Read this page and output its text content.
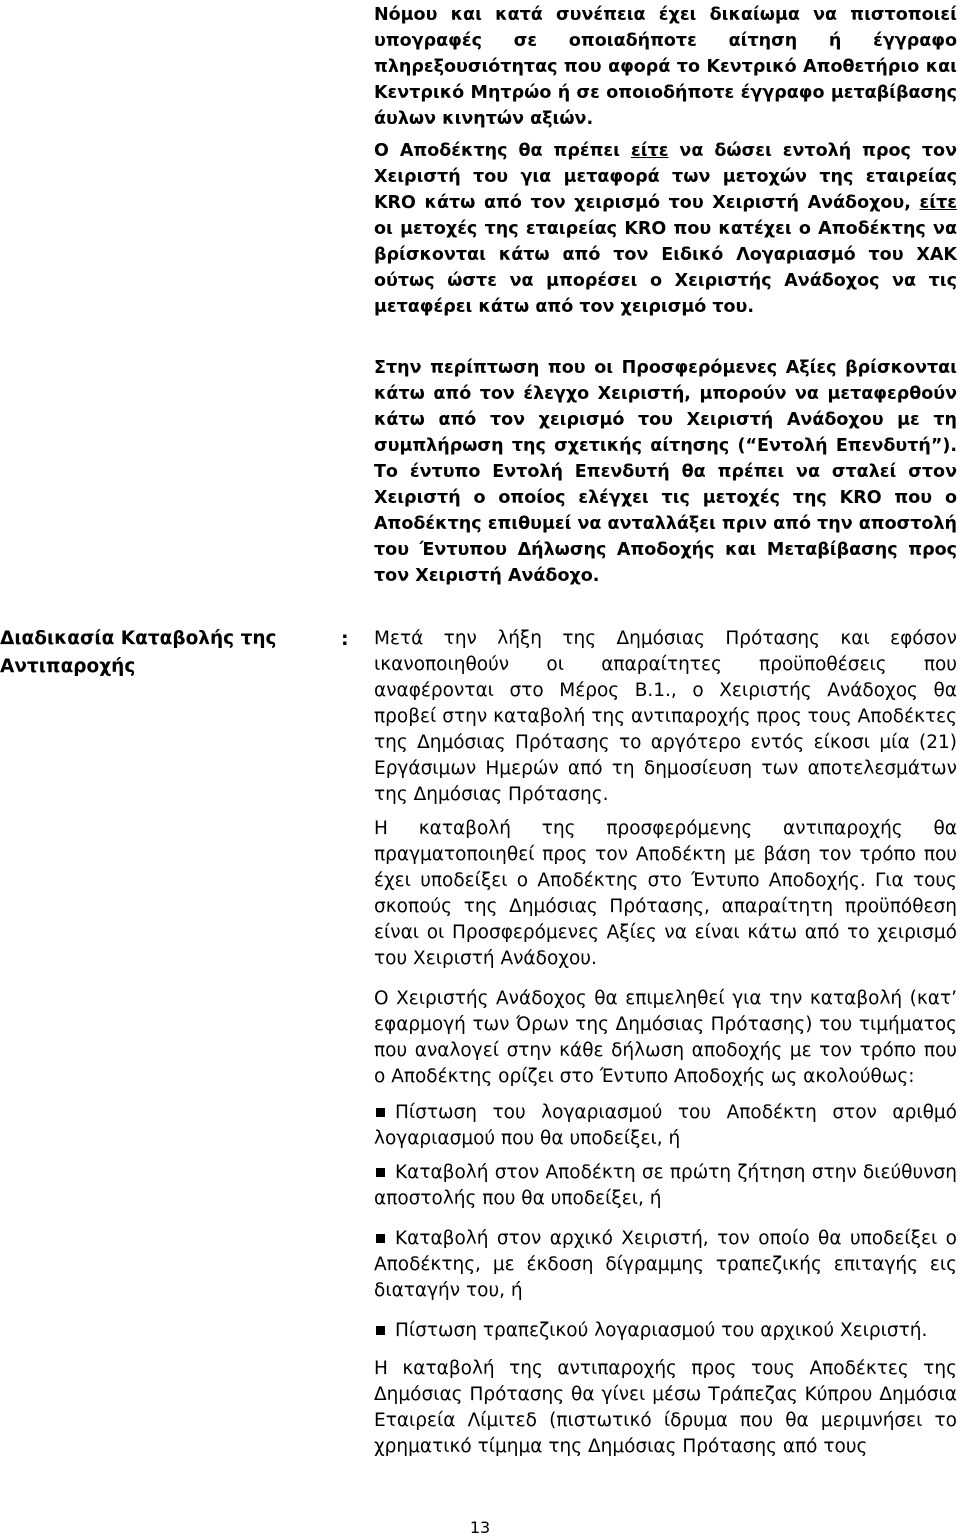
Νόμου και κατά συνέπεια έχει δικαίωμα να πιστοποιεί υπογραφές σε οποιαδήποτε αίτηση ή έγγραφο πληρεξουσιότητας που αφορά το Κεντρικό Αποθετήριο και Κεντρικό Μητρώο ή σε οποιοδήποτε έγγραφο μεταβίβασης άυλων κινητών αξιών.

Ο Αποδέκτης θα πρέπει είτε να δώσει εντολή προς τον Χειριστή του για μεταφορά των μετοχών της εταιρείας KRO κάτω από τον χειρισμό του Χειριστή Ανάδοχου, είτε οι μετοχές της εταιρείας KRO που κατέχει ο Αποδέκτης να βρίσκονται κάτω από τον Ειδικό Λογαριασμό του ΧΑΚ ούτως ώστε να μπορέσει ο Χειριστής Ανάδοχος να τις μεταφέρει κάτω από τον χειρισμό του.

Στην περίπτωση που οι Προσφερόμενες Αξίες βρίσκονται κάτω από τον έλεγχο Χειριστή, μπορούν να μεταφερθούν κάτω από τον χειρισμό του Χειριστή Ανάδοχου με τη συμπλήρωση της σχετικής αίτησης (“Εντολή Επενδυτή”). Το έντυπο Εντολή Επενδυτή θα πρέπει να σταλεί στον Χειριστή ο οποίος ελέγχει τις μετοχές της KRO που ο Αποδέκτης επιθυμεί να ανταλλάξει πριν από την αποστολή του Έντυπου Δήλωσης Αποδοχής και Μεταβίβασης προς τον Χειριστή Ανάδοχο.

Διαδικασία Καταβολής της Αντιπαροχής
: Μετά την λήξη της Δημόσιας Πρότασης και εφόσον ικανοποιηθούν οι απαραίτητες προϋποθέσεις που αναφέρονται στο Μέρος Β.1., ο Χειριστής Ανάδοχος θα προβεί στην καταβολή της αντιπαροχής προς τους Αποδέκτες της Δημόσιας Πρότασης το αργότερο εντός είκοσι μία (21) Εργάσιμων Ημερών από τη δημοσίευση των αποτελεσμάτων της Δημόσιας Πρότασης.

Η καταβολή της προσφερόμενης αντιπαροχής θα πραγματοποιηθεί προς τον Αποδέκτη με βάση τον τρόπο που έχει υποδείξει ο Αποδέκτης στο Έντυπο Αποδοχής. Για τους σκοπούς της Δημόσιας Πρότασης, απαραίτητη προϋπόθεση είναι οι Προσφερόμενες Αξίες να είναι κάτω από το χειρισμό του Χειριστή Ανάδοχου.

Ο Χειριστής Ανάδοχος θα επιμεληθεί για την καταβολή (κατ’ εφαρμογή των Όρων της Δημόσιας Πρότασης) του τιμήματος που αναλογεί στην κάθε δήλωση αποδοχής με τον τρόπο που ο Αποδέκτης ορίζει στο Έντυπο Αποδοχής ως ακολούθως:

Πίστωση του λογαριασμού του Αποδέκτη στον αριθμό λογαριασμού που θα υποδείξει, ή
Καταβολή στον Αποδέκτη σε πρώτη ζήτηση στην διεύθυνση αποστολής που θα υποδείξει, ή
Καταβολή στον αρχικό Χειριστή, τον οποίο θα υποδείξει ο Αποδέκτης, με έκδοση δίγραμμης τραπεζικής επιταγής εις διαταγήν του, ή
Πίστωση τραπεζικού λογαριασμού του αρχικού Χειριστή.

Η καταβολή της αντιπαροχής προς τους Αποδέκτες της Δημόσιας Πρότασης θα γίνει μέσω Τράπεζας Κύπρου Δημόσια Εταιρεία Λίμιτεδ (πιστωτικό ίδρυμα που θα μεριμνήσει το χρηματικό τίμημα της Δημόσιας Πρότασης από τους

13
